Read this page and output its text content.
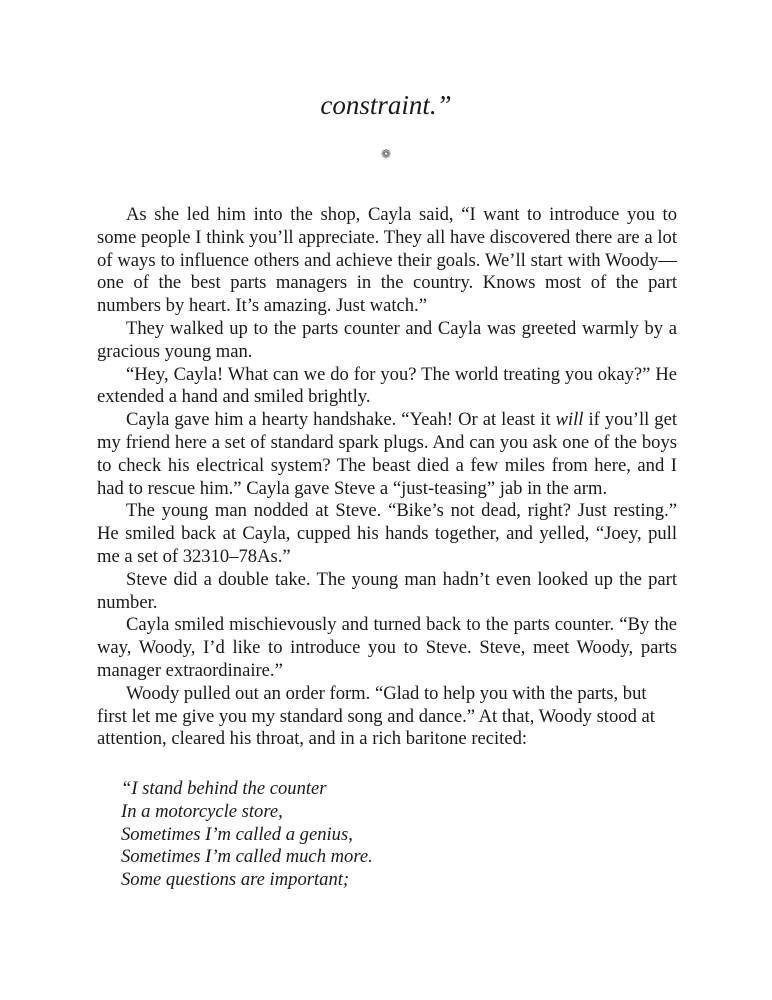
constraint.”
❁

As she led him into the shop, Cayla said, “I want to introduce you to some people I think you’ll appreciate. They all have discovered there are a lot of ways to influence others and achieve their goals. We’ll start with Woody—one of the best parts managers in the country. Knows most of the part numbers by heart. It’s amazing. Just watch.”

They walked up to the parts counter and Cayla was greeted warmly by a gracious young man.

“Hey, Cayla! What can we do for you? The world treating you okay?” He extended a hand and smiled brightly.

Cayla gave him a hearty handshake. “Yeah! Or at least it will if you’ll get my friend here a set of standard spark plugs. And can you ask one of the boys to check his electrical system? The beast died a few miles from here, and I had to rescue him.” Cayla gave Steve a “just-teasing” jab in the arm.

The young man nodded at Steve. “Bike’s not dead, right? Just resting.” He smiled back at Cayla, cupped his hands together, and yelled, “Joey, pull me a set of 32310–78As.”

Steve did a double take. The young man hadn’t even looked up the part number.

Cayla smiled mischievously and turned back to the parts counter. “By the way, Woody, I’d like to introduce you to Steve. Steve, meet Woody, parts manager extraordinaire.”

Woody pulled out an order form. “Glad to help you with the parts, but first let me give you my standard song and dance.” At that, Woody stood at attention, cleared his throat, and in a rich baritone recited:

“I stand behind the counter
In a motorcycle store,
Sometimes I’m called a genius,
Sometimes I’m called much more.
Some questions are important;
